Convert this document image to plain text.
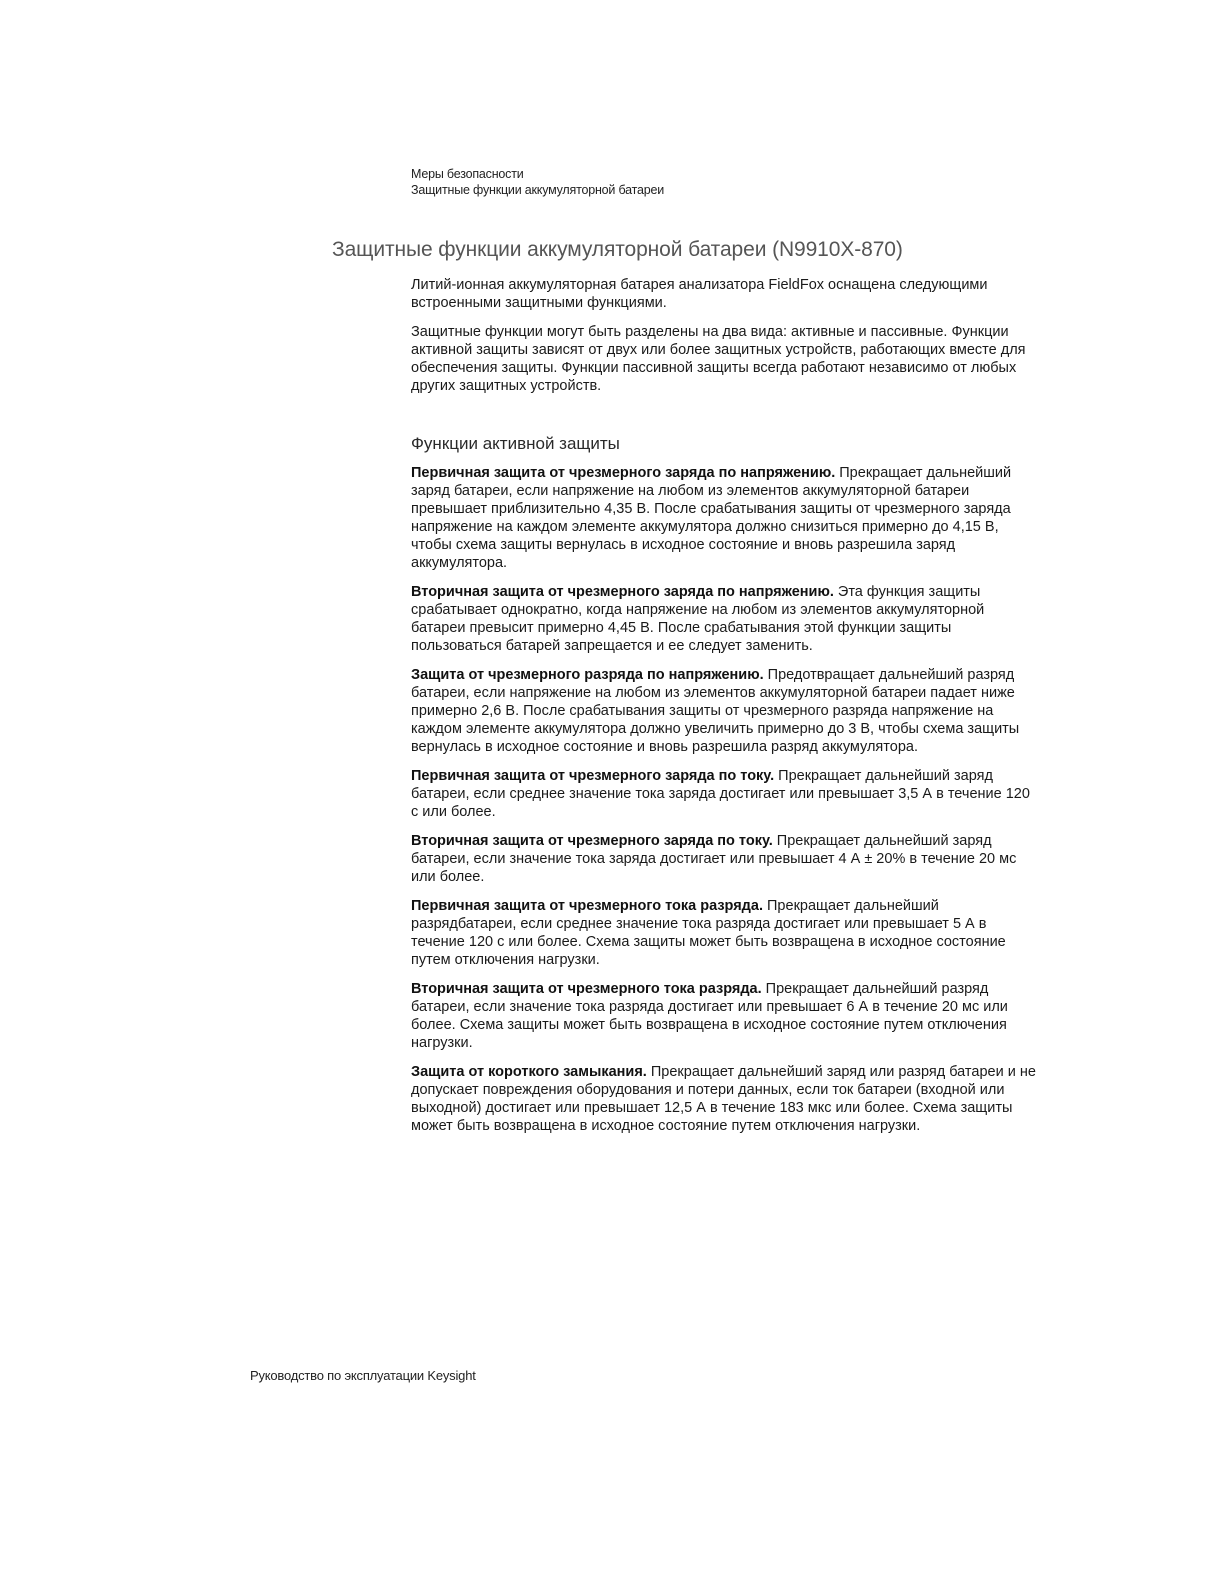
Меры безопасности
Защитные функции аккумуляторной батареи
Защитные функции аккумуляторной батареи (N9910X-870)

Литий-ионная аккумуляторная батарея анализатора FieldFox оснащена следующими встроенными защитными функциями.

Защитные функции могут быть разделены на два вида: активные и пассивные. Функции активной защиты зависят от двух или более защитных устройств, работающих вместе для обеспечения защиты. Функции пассивной защиты всегда работают независимо от любых других защитных устройств.

Функции активной защиты

Первичная защита от чрезмерного заряда по напряжению. Прекращает дальнейший заряд батареи, если напряжение на любом из элементов аккумуляторной батареи превышает приблизительно 4,35 В. После срабатывания защиты от чрезмерного заряда напряжение на каждом элементе аккумулятора должно снизиться примерно до 4,15 В, чтобы схема защиты вернулась в исходное состояние и вновь разрешила заряд аккумулятора.

Вторичная защита от чрезмерного заряда по напряжению. Эта функция защиты срабатывает однократно, когда напряжение на любом из элементов аккумуляторной батареи превысит примерно 4,45 В. После срабатывания этой функции защиты пользоваться батарей запрещается и ее следует заменить.

Защита от чрезмерного разряда по напряжению. Предотвращает дальнейший разряд батареи, если напряжение на любом из элементов аккумуляторной батареи падает ниже примерно 2,6 В. После срабатывания защиты от чрезмерного разряда напряжение на каждом элементе аккумулятора должно увеличить примерно до 3 В, чтобы схема защиты вернулась в исходное состояние и вновь разрешила разряд аккумулятора.

Первичная защита от чрезмерного заряда по току. Прекращает дальнейший заряд батареи, если среднее значение тока заряда достигает или превышает 3,5 А в течение 120 с или более.

Вторичная защита от чрезмерного заряда по току. Прекращает дальнейший заряд батареи, если значение тока заряда достигает или превышает 4 А ± 20% в течение 20 мс или более.

Первичная защита от чрезмерного тока разряда. Прекращает дальнейший разрядбатареи, если среднее значение тока разряда достигает или превышает 5 А в течение 120 с или более. Схема защиты может быть возвращена в исходное состояние путем отключения нагрузки.

Вторичная защита от чрезмерного тока разряда. Прекращает дальнейший разряд батареи, если значение тока разряда достигает или превышает 6 А в течение 20 мс или более. Схема защиты может быть возвращена в исходное состояние путем отключения нагрузки.

Защита от короткого замыкания. Прекращает дальнейший заряд или разряд батареи и не допускает повреждения оборудования и потери данных, если ток батареи (входной или выходной) достигает или превышает 12,5 А в течение 183 мкс или более. Схема защиты может быть возвращена в исходное состояние путем отключения нагрузки.

Руководство по эксплуатации Keysight
